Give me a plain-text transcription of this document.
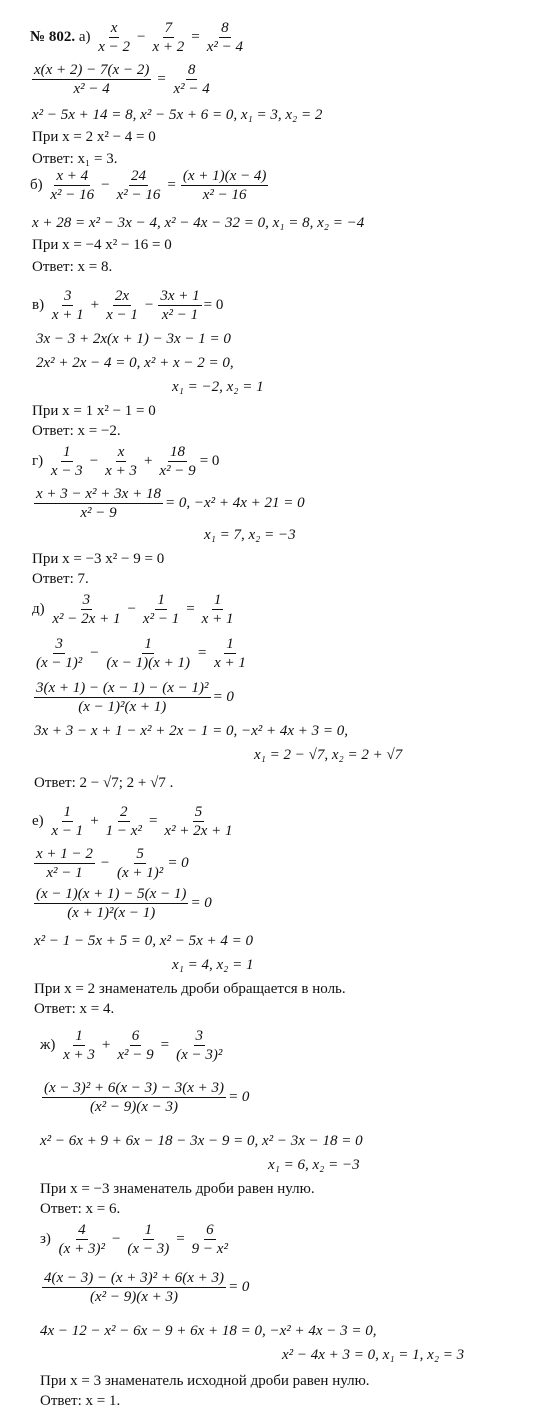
№ 802. $а) \frac{x}{x - 2} - \frac{7}{x + 2} = \frac{8}{\text{x² − 4}}$
$\frac{x(x + 2) - 7(x - 2)}{\text{x² − 4}} = \frac{8}{\text{x² − 4}}$
x² − 5x + 14 = 8, x² − 5x + 6 = 0, x₁ = 3, x₂ = 2
При x = 2 x² − 4 = 0
Ответ: x₁ = 3.
$б) \frac{x + 4}{\text{x² − 16}} - \frac{24}{\text{x² − 16}} = \frac{(x + 1)(x - 4)}{\text{x² − 16}}$
x + 28 = x² − 3x − 4, x² − 4x − 32 = 0, x₁ = 8, x₂ = −4
При x = −4 x² − 16 = 0
Ответ: x = 8.
$в) \frac{3}{x + 1} + \frac{2x}{x - 1} - \frac{3x + 1}{\text{x² − 1}} = 0$
3x − 3 + 2x(x + 1) − 3x − 1 = 0
2x² + 2x − 4 = 0, x² + x − 2 = 0,
x₁ = −2, x₂ = 1
При x = 1 x² − 1 = 0
Ответ: x = −2.
$г) \frac{1}{x - 3} - \frac{x}{x + 3} + \frac{18}{\text{x² − 9}} = 0$
$\frac{\text{x + 3 − x² + 3x + 18}}{\text{x² − 9}} = 0$, −x² + 4x + 21 = 0
x₁ = 7, x₂ = −3
При x = −3 x² − 9 = 0
Ответ: 7.
$д) \frac{3}{\text{x² − 2x + 1}} - \frac{1}{\text{x² − 1}} = \frac{1}{x + 1}$
$\frac{3}{\text{(x − 1)²}} - \frac{1}{(x - 1)(x + 1)} = \frac{1}{x + 1}$
$\frac{\text{3(x + 1) − (x − 1) − (x − 1)²}}{\text{(x − 1)²(x + 1)}} = 0$
3x + 3 − x + 1 − x² + 2x − 1 = 0, −x² + 4x + 3 = 0,
x₁ = 2 − √7, x₂ = 2 + √7
Ответ: 2 − √7; 2 + √7 .
$е) \frac{1}{x - 1} + \frac{2}{\text{1 − x²}} = \frac{5}{\text{x² + 2x + 1}}$
$\frac{x + 1 - 2}{\text{x² − 1}} - \frac{5}{\text{(x + 1)²}} = 0$
$\frac{(x - 1)(x + 1) - 5(x - 1)}{\text{(x + 1)²(x − 1)}} = 0$
x² − 1 − 5x + 5 = 0, x² − 5x + 4 = 0
x₁ = 4, x₂ = 1
При x = 2 знаменатель дроби обращается в ноль.
Ответ: x = 4.
$ж) \frac{1}{x + 3} + \frac{6}{\text{x² − 9}} = \frac{3}{\text{(x − 3)²}}$
$\frac{\text{(x − 3)² + 6(x − 3) − 3(x + 3)}}{\text{(x² − 9)(x − 3)}} = 0$
x² − 6x + 9 + 6x − 18 − 3x − 9 = 0, x² − 3x − 18 = 0
x₁ = 6, x₂ = −3
При x = −3 знаменатель дроби равен нулю.
Ответ: x = 6.
$з) \frac{4}{\text{(x + 3)²}} - \frac{1}{(x - 3)} = \frac{6}{\text{9 − x²}}$
$\frac{\text{4(x − 3) − (x + 3)² + 6(x + 3)}}{\text{(x² − 9)(x + 3)}} = 0$
4x − 12 − x² − 6x − 9 + 6x + 18 = 0, −x² + 4x − 3 = 0,
x² − 4x + 3 = 0, x₁ = 1, x₂ = 3
При x = 3 знаменатель исходной дроби равен нулю.
Ответ: x = 1.
